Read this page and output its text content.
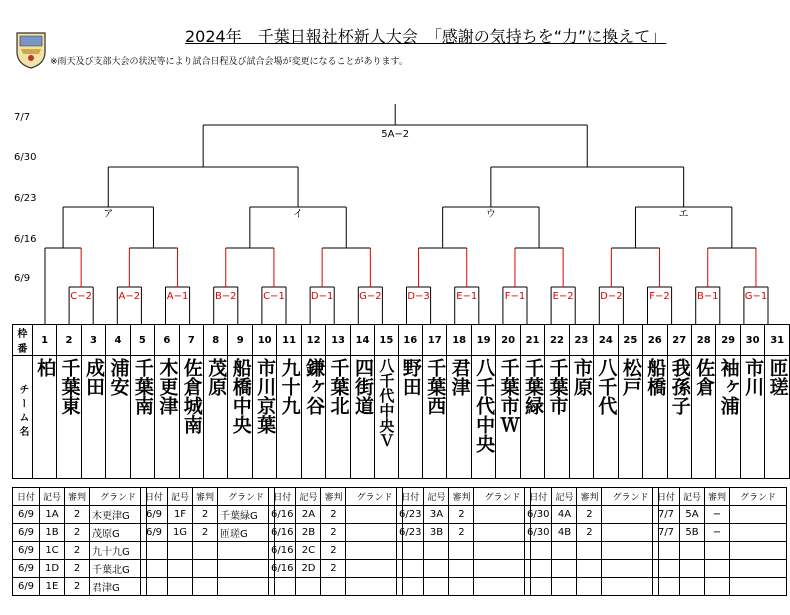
2024年　千葉日報社杯新人大会　「感謝の気持ちを“力”に換えて」
※雨天及び支部大会の状況等により試合日程及び試合会場が変更になることがあります。
7/7
6/30
6/23
6/16
6/9
C−2	A−2	A−1	B−2	C−1	D−1	G−2	D−3	E−1	F−1	E−2	D−2	F−2	B−1	G−1
ア	イ	ウ	エ
5A−2
枠番	1	2	3	4	5	6	7	8	9	10	11	12	13	14	15	16	17	18	19	20	21	22	23	24	25	26	27	28	29	30	31

チーム名	柏	千葉東	成田	浦安	千葉南	木更津	佐倉城南	茂原	船橋中央	市川京葉	九十九	鎌ヶ谷	千葉北	四街道	八千代中央Ｖ	野田	千葉西	君津	八千代中央	千葉市Ｗ	千葉緑	千葉市	市原	八千代	松戸	船橋	我孫子	佐倉	袖ヶ浦	市川	匝瑳
日付	記号	審判	グランド
6/9	1A	2	木更津G
6/9	1B	2	茂原G
6/9	1C	2	九十九G
6/9	1D	2	千葉北G
6/9	1E	2	君津G
日付	記号	審判	グランド
6/9	1F	2	千葉緑G
6/9	1G	2	匝瑳G

日付	記号	審判	グランド
6/16	2A	2	
6/16	2B	2	
6/16	2C	2	
6/16	2D	2	

日付	記号	審判	グランド
6/23	3A	2	
6/23	3B	2	

日付	記号	審判	グランド
6/30	4A	2	
6/30	4B	2	

日付	記号	審判	グランド
7/7	5A	−	
7/7	5B	−	
